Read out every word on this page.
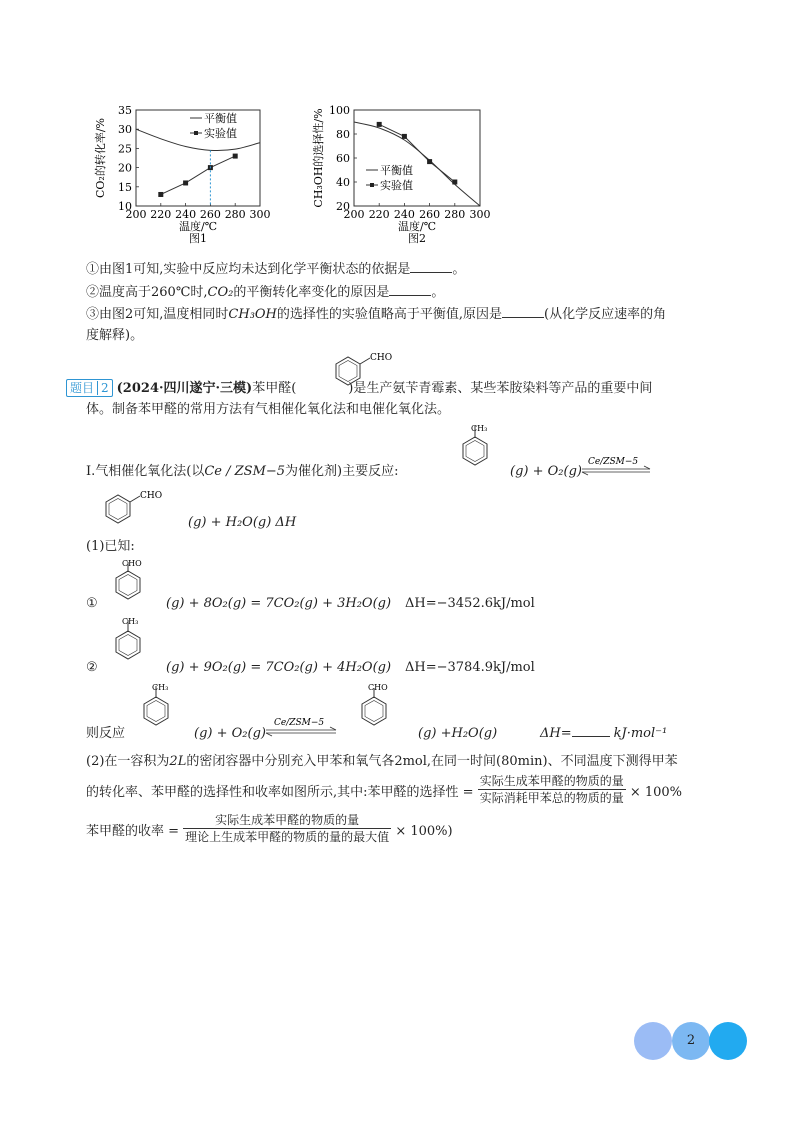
200 220 240 260 280 300
10
15
20
25
30
35
CO₂的转化率/%
温度/℃
图1
平衡值
实验值
200 220 240 260 280 300
20
40
60
80
100
CH₃OH的选择性/%
温度/℃
图2
平衡值
实验值
①由图1可知,实验中反应均未达到化学平衡状态的依据是	。
②温度高于260℃时,CO₂的平衡转化率变化的原因是	。
③由图2可知,温度相同时CH₃OH的选择性的实验值略高于平衡值,原因是	(从化学反应速率的角
度解释)。
题目 2 (2024·四川遂宁·三模)苯甲醛(	)是生产氨苄青霉素、某些苯胺染料等产品的重要中间
CHO
体。制备苯甲醛的常用方法有气相催化氧化法和电催化氧化法。
CH₃
Ⅰ.气相催化氧化法(以Ce / ZSM−5为催化剂)主要反应:	(g) + O₂(g)
Ce/ZSM−5
CHO
(g) + H₂O(g) ΔH
(1)已知:
CHO
①	(g) + 8O₂(g) = 7CO₂(g) + 3H₂O(g) ΔH=−3452.6kJ/mol
CH₃
②	(g) + 9O₂(g) = 7CO₂(g) + 4H₂O(g) ΔH=−3784.9kJ/mol
CH₃
则反应	(g) + O₂(g)
Ce/ZSM−5
CHO
(g) +H₂O(g)	ΔH=	kJ·mol⁻¹
(2)在一容积为2L的密闭容器中分别充入甲苯和氧气各2mol,在同一时间(80min)、不同温度下测得甲苯
的转化率、苯甲醛的选择性和收率如图所示,其中:苯甲醛的选择性 = $\frac{\text{实际生成苯甲醛的物质的量}}{\text{实际消耗甲苯总的物质的量}} \times 100\%$
苯甲醛的收率 = $\frac{\text{实际生成苯甲醛的物质的量}}{\text{理论上生成苯甲醛的物质的量的最大值}} \times 100\%$)
2
